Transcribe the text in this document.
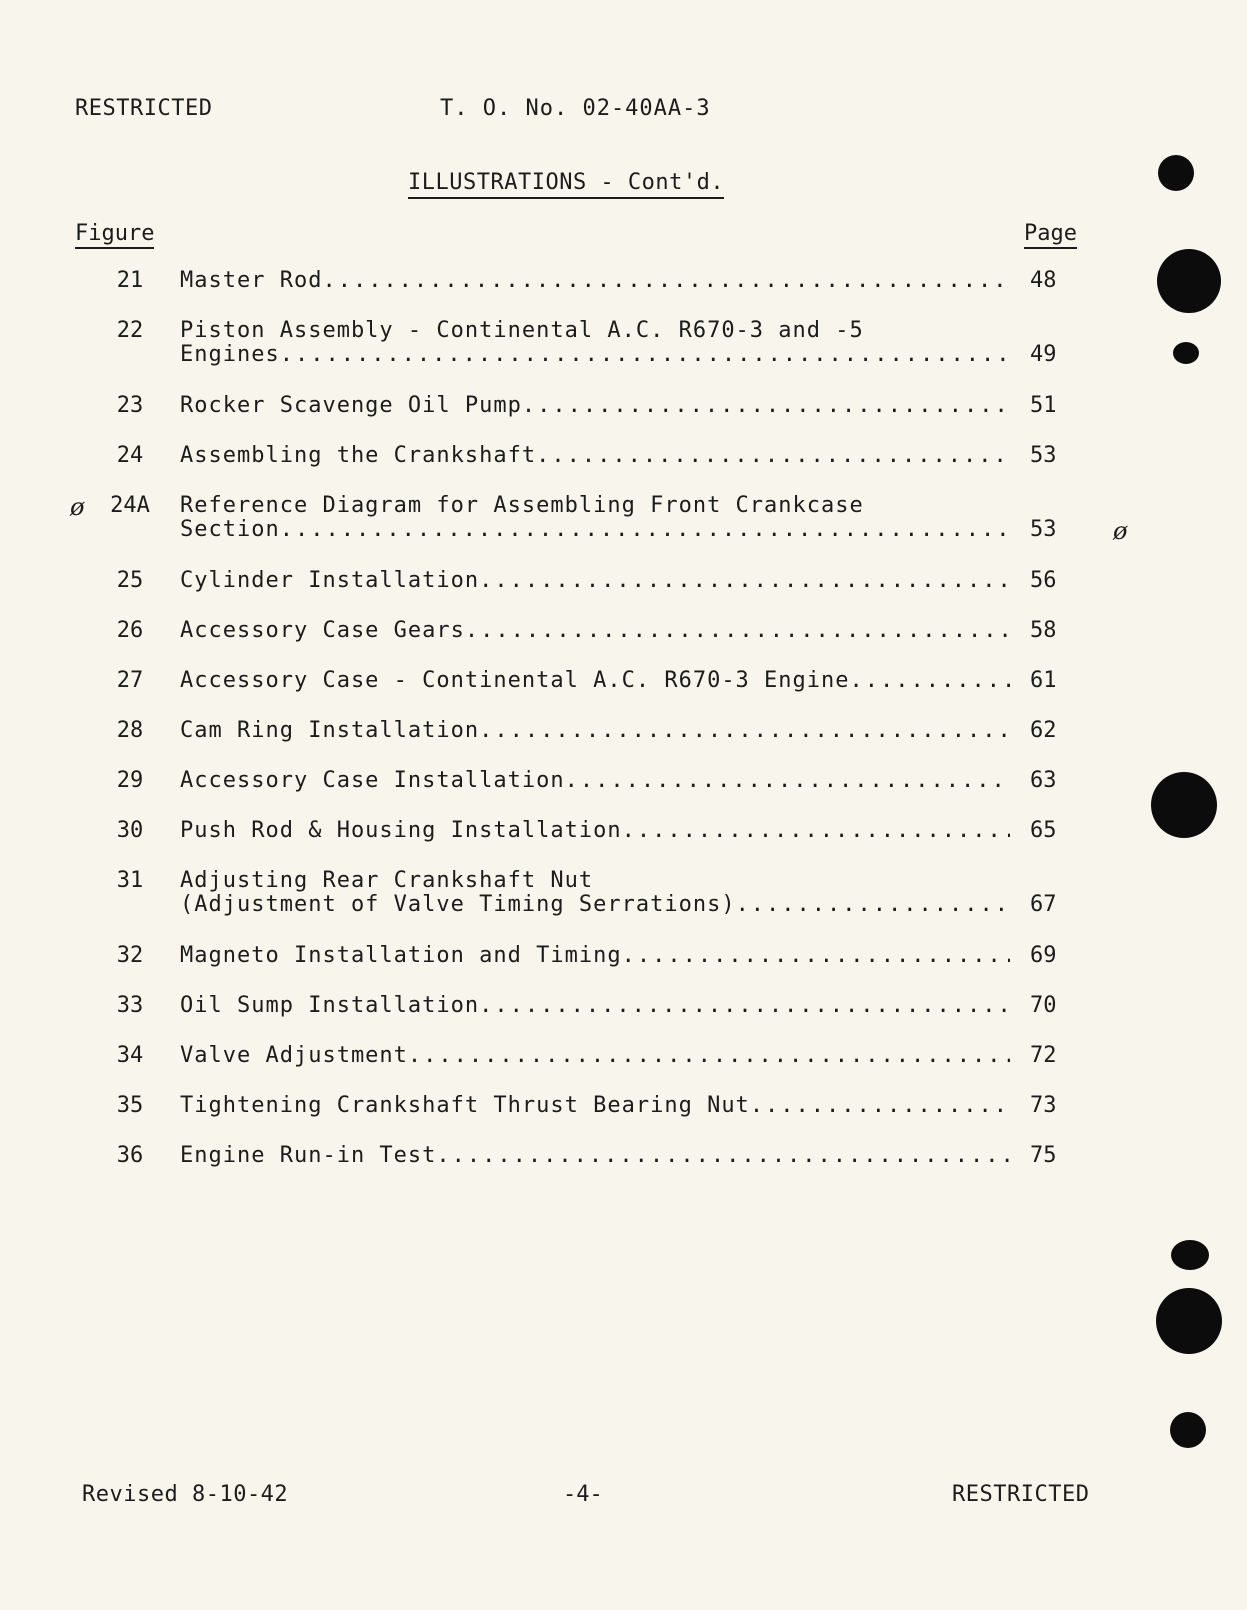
RESTRICTED	T. O. No. 02-40AA-3
ILLUSTRATIONS - Cont'd.
Figure	Page
21	Master Rod .....	48
22	Piston Assembly - Continental A.C. R670-3 and -5
Engines .....	49
23	Rocker Scavenge Oil Pump .....	51
24	Assembling the Crankshaft .....	53
ø	24A	Reference Diagram for Assembling Front Crankcase
Section .....	53	ø
25	Cylinder Installation .....	56
26	Accessory Case Gears .....	58
27	Accessory Case - Continental A.C. R670-3 Engine .....	61
28	Cam Ring Installation .....	62
29	Accessory Case Installation .....	63
30	Push Rod & Housing Installation .....	65
31	Adjusting Rear Crankshaft Nut
(Adjustment of Valve Timing Serrations) .....	67
32	Magneto Installation and Timing .....	69
33	Oil Sump Installation .....	70
34	Valve Adjustment .....	72
35	Tightening Crankshaft Thrust Bearing Nut .....	73
36	Engine Run-in Test .....	75
Revised 8-10-42	-4-	RESTRICTED
